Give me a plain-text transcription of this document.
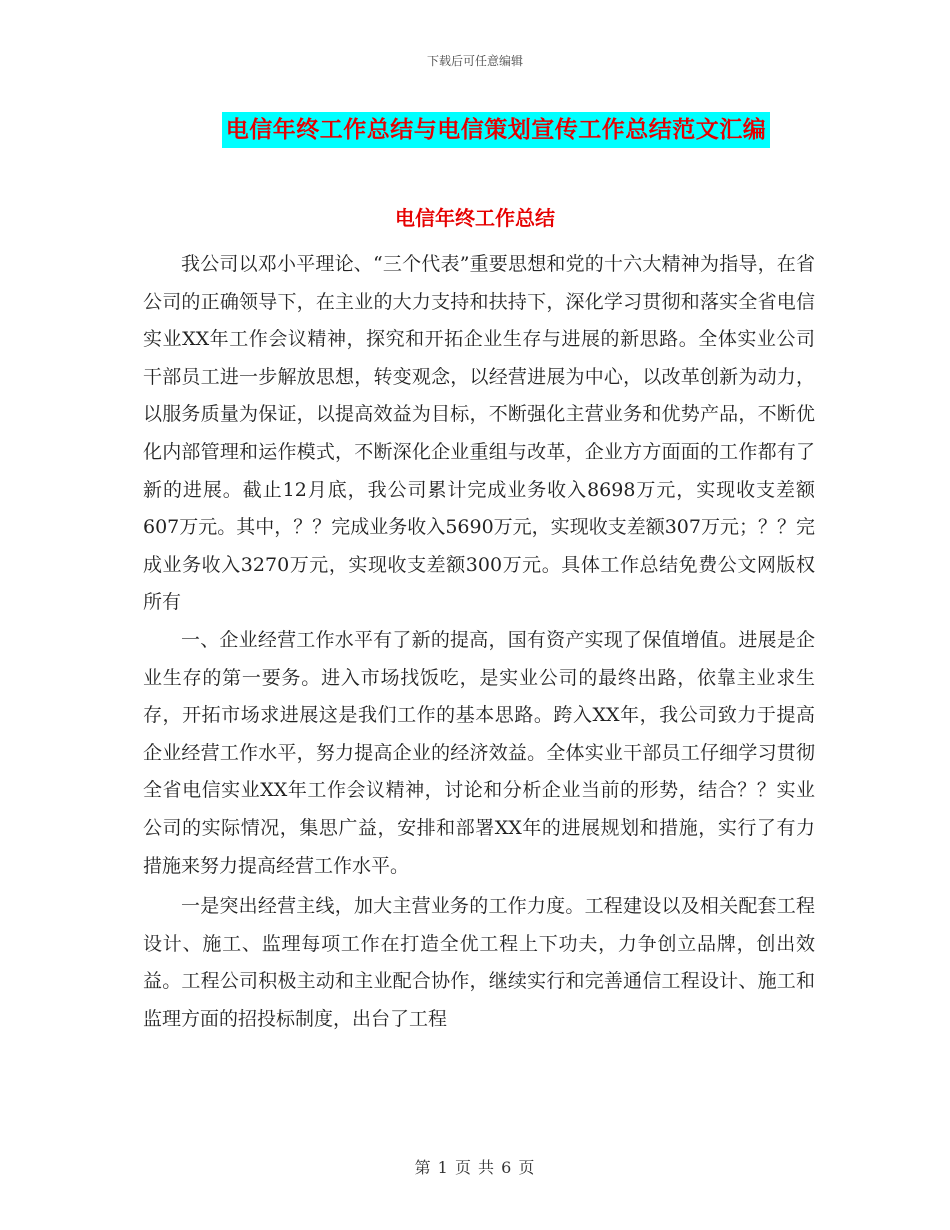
下载后可任意编辑
电信年终工作总结与电信策划宣传工作总结范文汇编
电信年终工作总结

我公司以邓小平理论、“三个代表”重要思想和党的十六大精神为指导，在省公司的正确领导下，在主业的大力支持和扶持下，深化学习贯彻和落实全省电信实业XX年工作会议精神，探究和开拓企业生存与进展的新思路。全体实业公司干部员工进一步解放思想，转变观念，以经营进展为中心，以改革创新为动力，以服务质量为保证，以提高效益为目标，不断强化主营业务和优势产品，不断优化内部管理和运作模式，不断深化企业重组与改革，企业方方面面的工作都有了新的进展。截止12月底，我公司累计完成业务收入8698万元，实现收支差额607万元。其中，？？完成业务收入5690万元，实现收支差额307万元；？？完成业务收入3270万元，实现收支差额300万元。具体工作总结免费公文网版权所有

一、企业经营工作水平有了新的提高，国有资产实现了保值增值。进展是企业生存的第一要务。进入市场找饭吃，是实业公司的最终出路，依靠主业求生存，开拓市场求进展这是我们工作的基本思路。跨入XX年，我公司致力于提高企业经营工作水平，努力提高企业的经济效益。全体实业干部员工仔细学习贯彻全省电信实业XX年工作会议精神，讨论和分析企业当前的形势，结合？？实业公司的实际情况，集思广益，安排和部署XX年的进展规划和措施，实行了有力措施来努力提高经营工作水平。

一是突出经营主线，加大主营业务的工作力度。工程建设以及相关配套工程设计、施工、监理每项工作在打造全优工程上下功夫，力争创立品牌，创出效益。工程公司积极主动和主业配合协作，继续实行和完善通信工程设计、施工和监理方面的招投标制度，出台了工程

第 1 页 共 6 页
